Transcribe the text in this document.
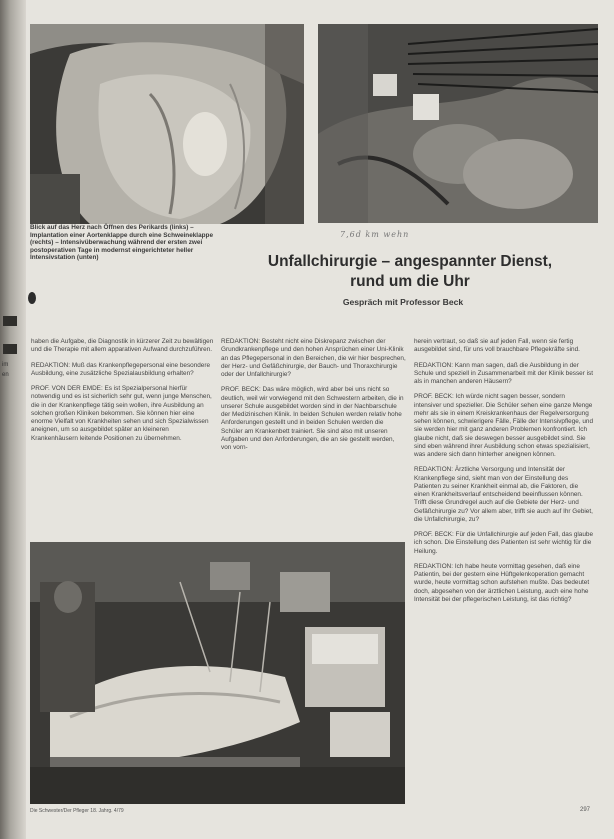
im
en
Blick auf das Herz nach Öffnen des Perikards (links) – Implantation einer Aortenklappe durch eine Schweineklappe (rechts) – Intensivüberwachung während der ersten zwei postoperativen Tage in modernst eingerichteter heller Intensivstation (unten)
7,6d km wehn
Unfallchirurgie – angespannter Dienst,
rund um die Uhr
Gespräch mit Professor Beck

haben die Aufgabe, die Diagnostik in kürzerer Zeit zu bewältigen und die Therapie mit allem apparativen Aufwand durchzuführen.

REDAKTION: Muß das Krankenpflegepersonal eine besondere Ausbildung, eine zusätzliche Spezialausbildung erhalten?

PROF. VON DER EMDE: Es ist Spezialpersonal hierfür notwendig und es ist sicherlich sehr gut, wenn junge Menschen, die in der Krankenpflege tätig sein wollen, ihre Ausbildung an solchen großen Kliniken bekommen. Sie können hier eine enorme Vielfalt von Krankheiten sehen und sich Spezialwissen aneignen, um so ausgebildet später an kleineren Krankenhäusern leitende Positionen zu übernehmen.

REDAKTION: Besteht nicht eine Diskrepanz zwischen der Grundkrankenpflege und den hohen Ansprüchen einer Uni-Klinik an das Pflegepersonal in den Bereichen, die wir hier besprechen, der Herz- und Gefäßchirurgie, der Bauch- und Thoraxchirurgie oder der Unfallchirurgie?

PROF. BECK: Das wäre möglich, wird aber bei uns nicht so deutlich, weil wir vorwiegend mit den Schwestern arbeiten, die in unserer Schule ausgebildet worden sind in der Nachbarschule der Medizinischen Klinik. In beiden Schulen werden relativ hohe Anforderungen gestellt und in beiden Schulen werden die Schüler am Krankenbett trainiert. Sie sind also mit unseren Aufgaben und den Anforderungen, die an sie gestellt werden, von vorn-

herein vertraut, so daß sie auf jeden Fall, wenn sie fertig ausgebildet sind, für uns voll brauchbare Pflegekräfte sind.

REDAKTION: Kann man sagen, daß die Ausbildung in der Schule und speziell in Zusammenarbeit mit der Klinik besser ist als in manchen anderen Häusern?

PROF. BECK: Ich würde nicht sagen besser, sondern intensiver und spezieller. Die Schüler sehen eine ganze Menge mehr als sie in einem Kreiskrankenhaus der Regelversorgung sehen können, schwierigere Fälle, Fälle der Intensivpflege, und sie werden hier mit ganz anderen Problemen konfrontiert. Ich glaube nicht, daß sie deswegen besser ausgebildet sind. Sie sind eben während ihrer Ausbildung schon etwas spezialisiert, was andere sich dann hinterher aneignen können.

REDAKTION: Ärztliche Versorgung und Intensität der Krankenpflege sind, sieht man von der Einstellung des Patienten zu seiner Krankheit einmal ab, die Faktoren, die einen Krankheitsverlauf entscheidend beeinflussen können. Trifft diese Grundregel auch auf die Gebiete der Herz- und Gefäßchirurgie zu? Vor allem aber, trifft sie auch auf Ihr Gebiet, die Unfallchirurgie, zu?

PROF. BECK: Für die Unfallchirurgie auf jeden Fall, das glaube ich schon. Die Einstellung des Patienten ist sehr wichtig für die Heilung.

REDAKTION: Ich habe heute vormittag gesehen, daß eine Patientin, bei der gestern eine Hüftgelenkoperation gemacht wurde, heute vormittag schon aufstehen mußte. Das bedeutet doch, abgesehen von der ärztlichen Leistung, auch eine hohe Intensität bei der pflegerischen Leistung, ist das richtig?

Die Schwester/Der Pfleger 18. Jahrg. 4/79	297
